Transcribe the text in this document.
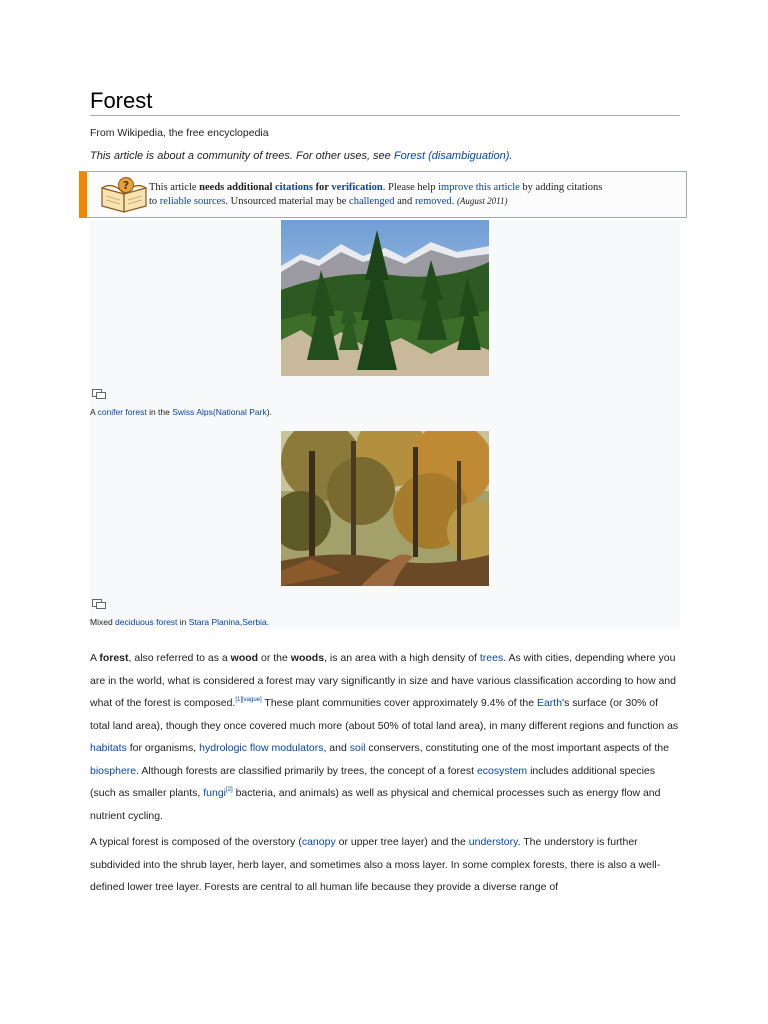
Forest
From Wikipedia, the free encyclopedia
This article is about a community of trees. For other uses, see Forest (disambiguation).
? This article needs additional citations for verification. Please help improve this article by adding citations
to reliable sources. Unsourced material may be challenged and removed. (August 2011)
A conifer forest in the Swiss Alps(National Park).
Mixed deciduous forest in Stara Planina,Serbia.

A forest, also referred to as a wood or the woods, is an area with a high density of trees. As with cities, depending where you are in the world, what is considered a forest may vary significantly in size and have various classification according to how and what of the forest is composed.[1][vague] These plant communities cover approximately 9.4% of the Earth's surface (or 30% of total land area), though they once covered much more (about 50% of total land area), in many different regions and function as habitats for organisms, hydrologic flow modulators, and soil conservers, constituting one of the most important aspects of the biosphere. Although forests are classified primarily by trees, the concept of a forest ecosystem includes additional species (such as smaller plants, fungi[2] bacteria, and animals) as well as physical and chemical processes such as energy flow and nutrient cycling.

A typical forest is composed of the overstory (canopy or upper tree layer) and the understory. The understory is further subdivided into the shrub layer, herb layer, and sometimes also a moss layer. In some complex forests, there is also a well-defined lower tree layer. Forests are central to all human life because they provide a diverse range of
